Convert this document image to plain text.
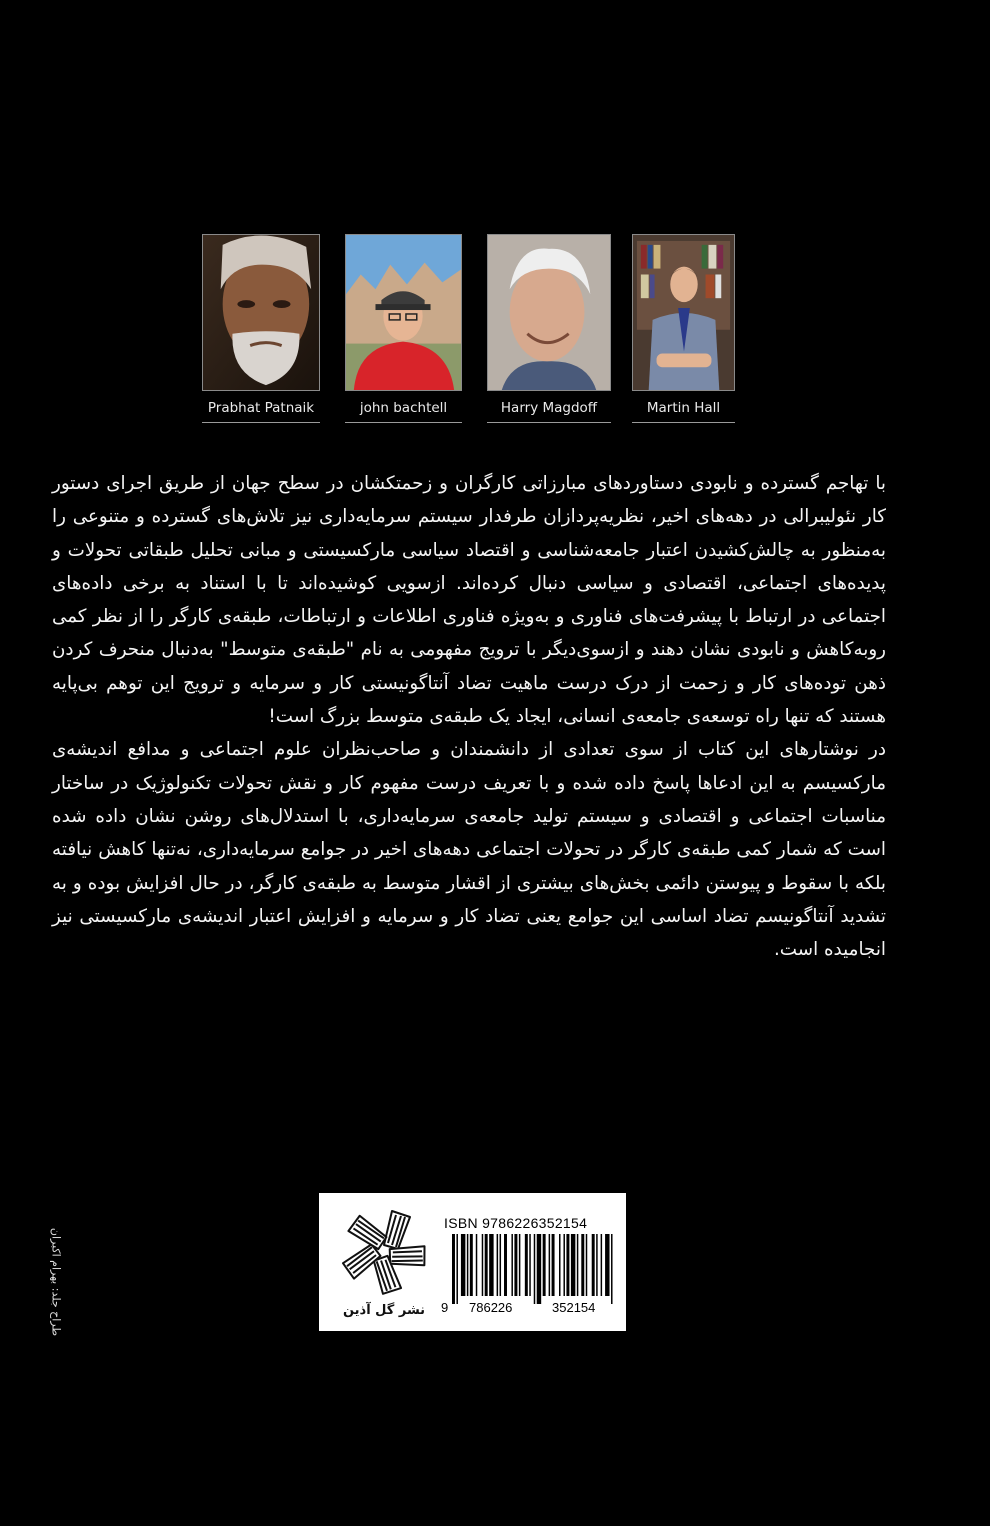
Prabhat Patnaik	john bachtell	Harry Magdoff	Martin Hall

با تهاجم گسترده و نابودی دستاوردهای مبارزاتی کارگران و زحمتکشان در سطح جهان از طریق اجرای دستور کار نئولیبرالی در دهه‌های اخیر، نظریه‌پردازان طرفدار سیستم سرمایه‌داری نیز تلاش‌های گسترده و متنوعی را به‌منظور به چالش‌کشیدن اعتبار جامعه‌شناسی و اقتصاد سیاسی مارکسیستی و مبانی تحلیل طبقاتی تحولات و پدیده‌های اجتماعی، اقتصادی و سیاسی دنبال کرده‌اند. ازسویی کوشیده‌اند تا با استناد به برخی داده‌های اجتماعی در ارتباط با پیشرفت‌های فناوری و به‌ویژه فناوری اطلاعات و ارتباطات، طبقه‌ی کارگر را از نظر کمی روبه‌کاهش و نابودی نشان دهند و ازسوی‌دیگر با ترویج مفهومی به نام "طبقه‌ی متوسط" به‌دنبال منحرف کردن ذهن توده‌های کار و زحمت از درک درست ماهیت تضاد آنتاگونیستی کار و سرمایه و ترویج این توهم بی‌پایه هستند که تنها راه توسعه‌ی جامعه‌ی انسانی، ایجاد یک طبقه‌ی متوسط بزرگ است!

در نوشتارهای این کتاب از سوی تعدادی از دانشمندان و صاحب‌نظران علوم اجتماعی و مدافع اندیشه‌ی مارکسیسم به این ادعاها پاسخ داده شده و با تعریف درست مفهوم کار و نقش تحولات تکنولوژیک در ساختار مناسبات اجتماعی و اقتصادی و سیستم تولید جامعه‌ی سرمایه‌داری، با استدلال‌های روشن نشان داده شده است که شمار کمی طبقه‌ی کارگر در تحولات اجتماعی دهه‌های اخیر در جوامع سرمایه‌داری، نه‌تنها کاهش نیافته بلکه با سقوط و پیوستن دائمی بخش‌های بیشتری از اقشار متوسط به طبقه‌ی کارگر، در حال افزایش بوده و به تشدید آنتاگونیسم تضاد اساسی این جوامع یعنی تضاد کار و سرمایه و افزایش اعتبار اندیشه‌ی مارکسیستی نیز انجامیده است.

طراح جلد: بهرام اکبران	نشر گل آذین
ISBN 9786226352154
9 786226	352154
